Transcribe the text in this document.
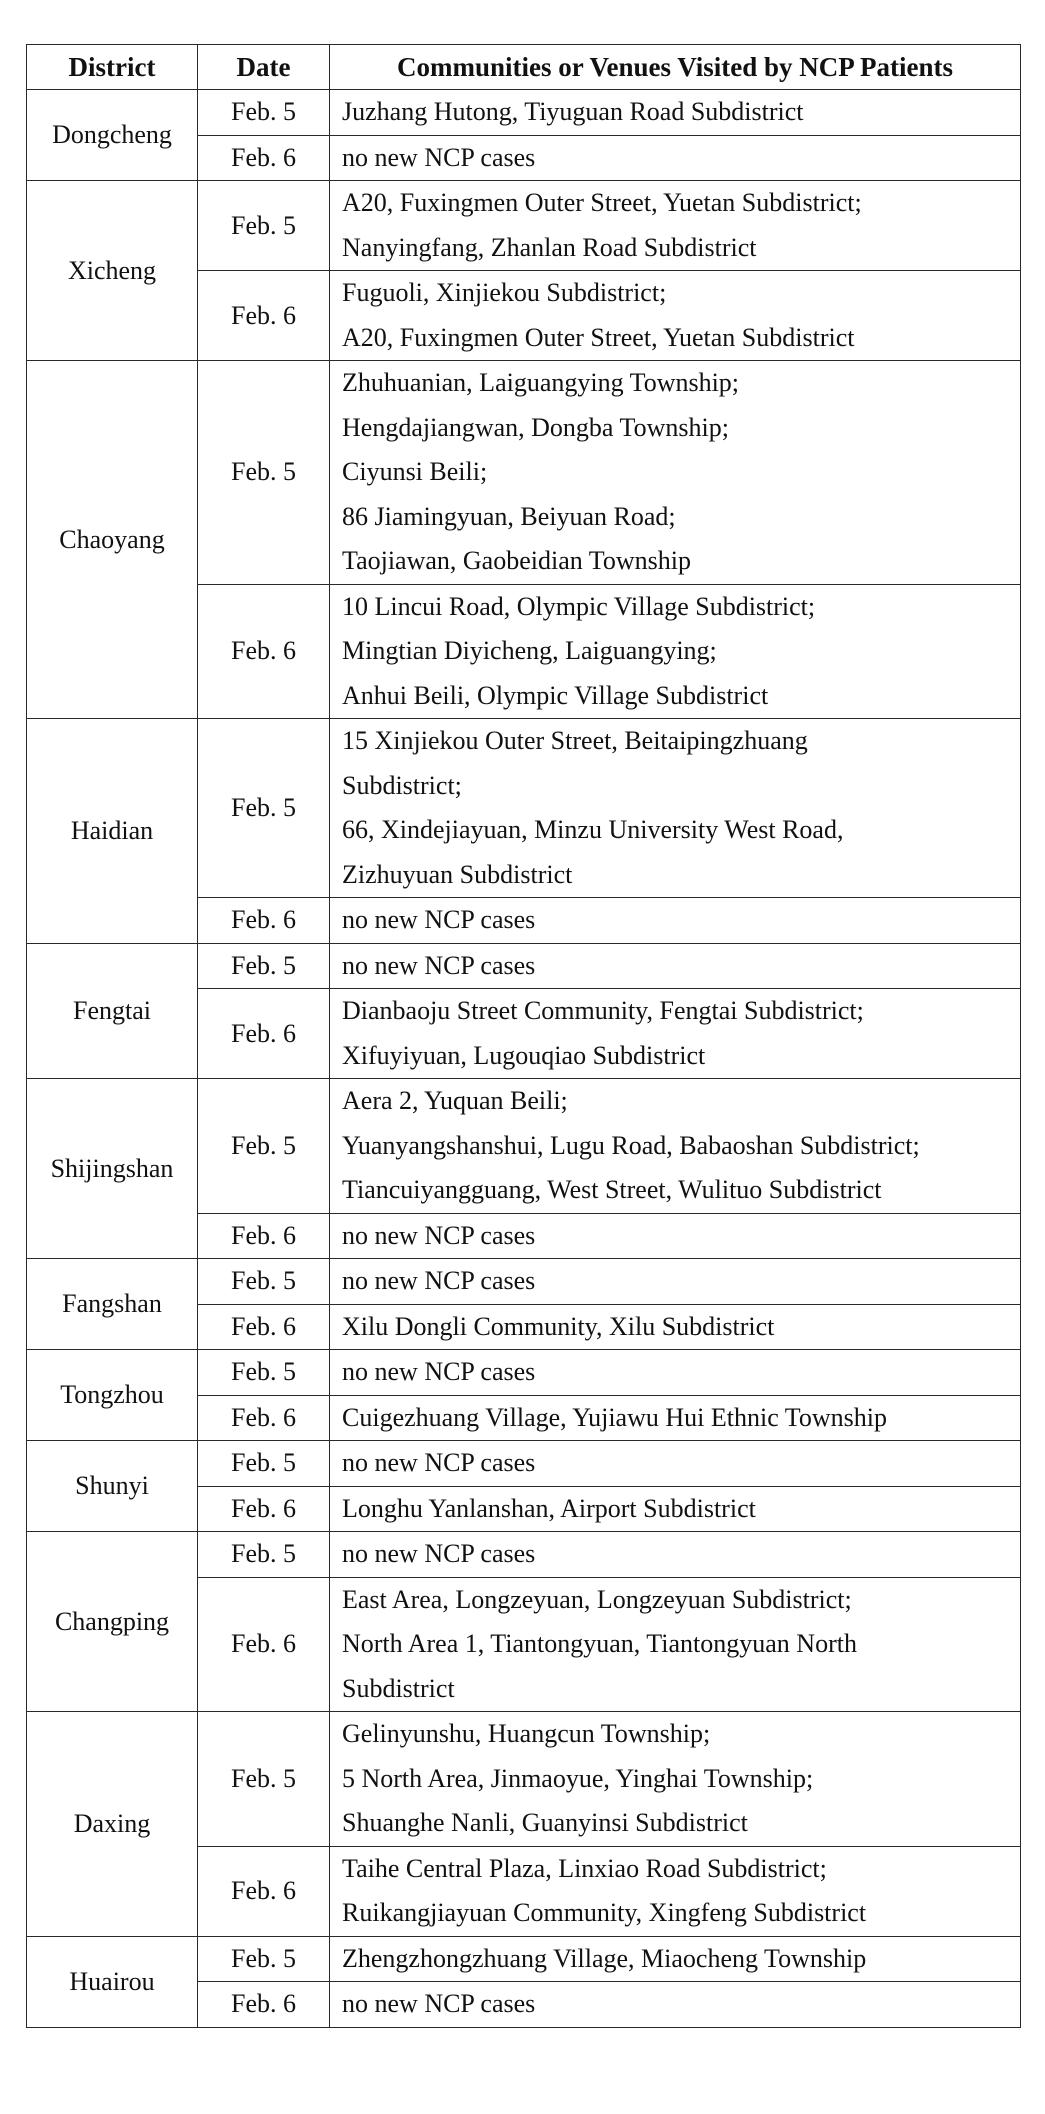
District	Date	Communities or Venues Visited by NCP Patients
Dongcheng	Feb. 5	Juzhang Hutong, Tiyuguan Road Subdistrict

	Feb. 6	no new NCP cases

Xicheng	Feb. 5	A20, Fuxingmen Outer Street, Yuetan Subdistrict;
Nanyingfang, Zhanlan Road Subdistrict

	Feb. 6	Fuguoli, Xinjiekou Subdistrict;
A20, Fuxingmen Outer Street, Yuetan Subdistrict

Chaoyang	Feb. 5	Zhuhuanian, Laiguangying Township;
Hengdajiangwan, Dongba Township;
Ciyunsi Beili;
86 Jiamingyuan, Beiyuan Road;
Taojiawan, Gaobeidian Township

	Feb. 6	10 Lincui Road, Olympic Village Subdistrict;
Mingtian Diyicheng, Laiguangying;
Anhui Beili, Olympic Village Subdistrict

Haidian	Feb. 5	15 Xinjiekou Outer Street, Beitaipingzhuang
Subdistrict;
66, Xindejiayuan, Minzu University West Road,
Zizhuyuan Subdistrict

	Feb. 6	no new NCP cases

Fengtai	Feb. 5	no new NCP cases

	Feb. 6	Dianbaoju Street Community, Fengtai Subdistrict;
Xifuyiyuan, Lugouqiao Subdistrict

Shijingshan	Feb. 5	Aera 2, Yuquan Beili;
Yuanyangshanshui, Lugu Road, Babaoshan Subdistrict;
Tiancuiyangguang, West Street, Wulituo Subdistrict

	Feb. 6	no new NCP cases

Fangshan	Feb. 5	no new NCP cases

	Feb. 6	Xilu Dongli Community, Xilu Subdistrict

Tongzhou	Feb. 5	no new NCP cases

	Feb. 6	Cuigezhuang Village, Yujiawu Hui Ethnic Township

Shunyi	Feb. 5	no new NCP cases

	Feb. 6	Longhu Yanlanshan, Airport Subdistrict

Changping	Feb. 5	no new NCP cases

	Feb. 6	East Area, Longzeyuan, Longzeyuan Subdistrict;
North Area 1, Tiantongyuan, Tiantongyuan North
Subdistrict

Daxing	Feb. 5	Gelinyunshu, Huangcun Township;
5 North Area, Jinmaoyue, Yinghai Township;
Shuanghe Nanli, Guanyinsi Subdistrict

	Feb. 6	Taihe Central Plaza, Linxiao Road Subdistrict;
Ruikangjiayuan Community, Xingfeng Subdistrict

Huairou	Feb. 5	Zhengzhongzhuang Village, Miaocheng Township

	Feb. 6	no new NCP cases
